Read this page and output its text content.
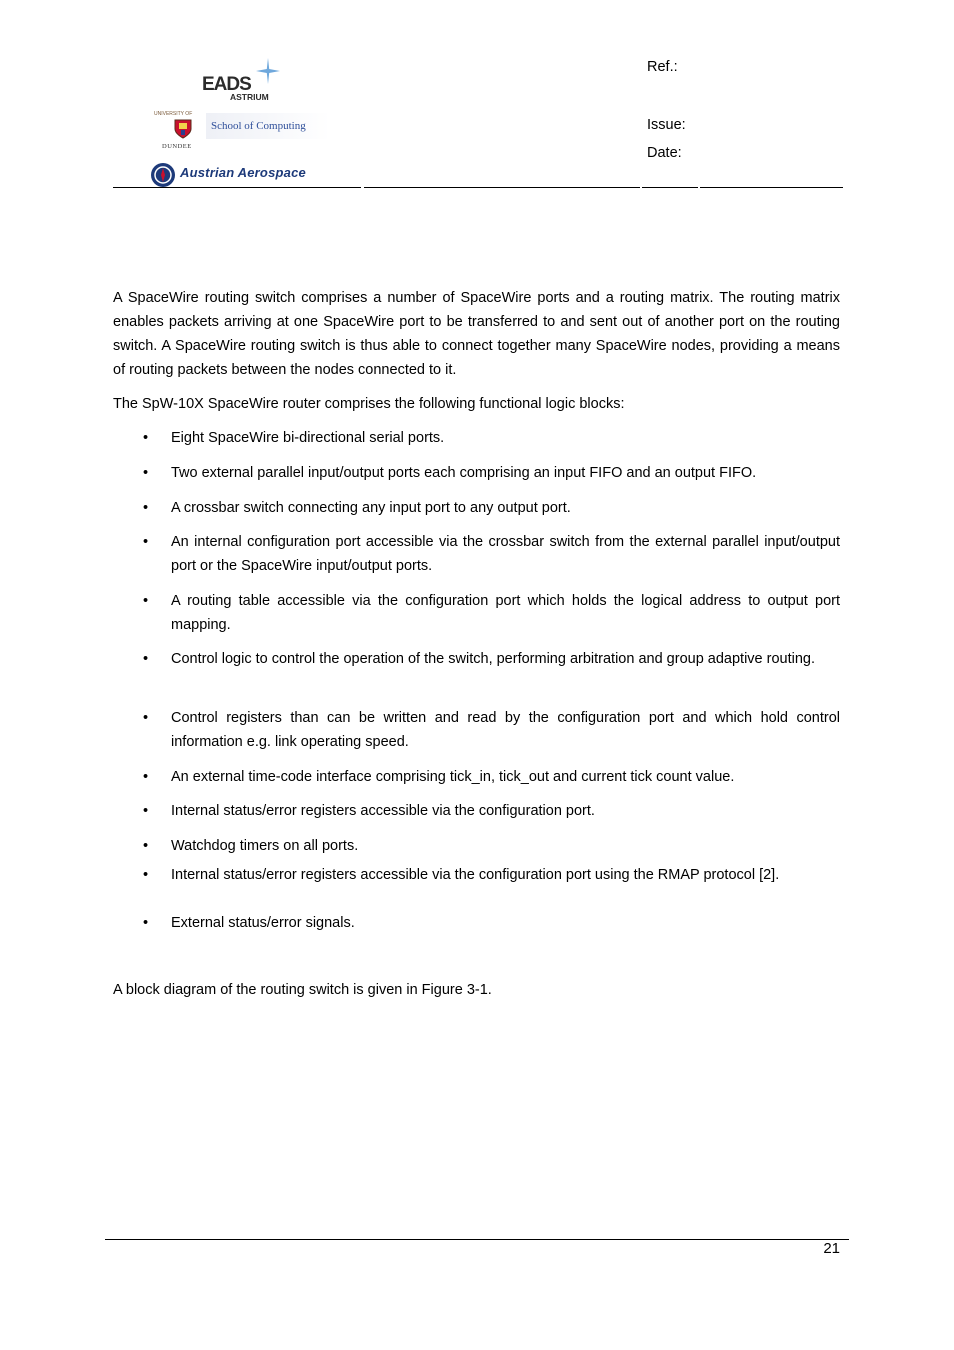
EADS
ASTRIUM
UNIVERSITY OF
DUNDEE
School of Computing
Austrian Aerospace
Ref.:
Issue:
Date:

A SpaceWire routing switch comprises a number of SpaceWire ports and a routing matrix. The routing matrix enables packets arriving at one SpaceWire port to be transferred to and sent out of another port on the routing switch. A SpaceWire routing switch is thus able to connect together many SpaceWire nodes, providing a means of routing packets between the nodes connected to it.

The SpW-10X SpaceWire router comprises the following functional logic blocks:

• Eight SpaceWire bi-directional serial ports.
• Two external parallel input/output ports each comprising an input FIFO and an output FIFO.
• A crossbar switch connecting any input port to any output port.
• An internal configuration port accessible via the crossbar switch from the external parallel input/output port or the SpaceWire input/output ports.
• A routing table accessible via the configuration port which holds the logical address to output port mapping.
• Control logic to control the operation of the switch, performing arbitration and group adaptive routing.
• Control registers than can be written and read by the configuration port and which hold control information e.g. link operating speed.
• An external time-code interface comprising tick_in, tick_out and current tick count value.
• Internal status/error registers accessible via the configuration port.
• Watchdog timers on all ports.
• Internal status/error registers accessible via the configuration port using the RMAP protocol [2].
• External status/error signals.

A block diagram of the routing switch is given in Figure 3-1.

21
